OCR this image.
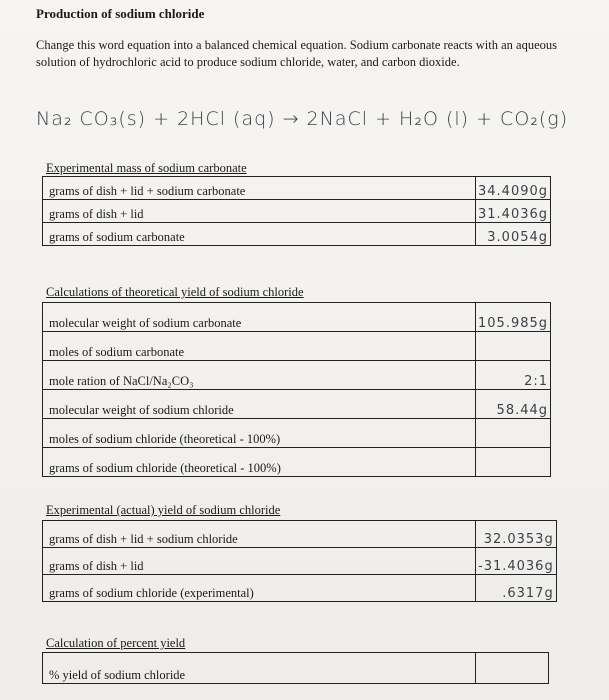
Production of sodium chloride
Change this word equation into a balanced chemical equation. Sodium carbonate reacts with an aqueous solution of hydrochloric acid to produce sodium chloride, water, and carbon dioxide.
Na₂ CO₃(s) + 2HCl (aq) → 2NaCl + H₂O (l) + CO₂(g)
Experimental mass of sodium carbonate
grams of dish + lid + sodium carbonate	34.4090g
grams of dish + lid	31.4036g
grams of sodium carbonate	3.0054g
Calculations of theoretical yield of sodium chloride
molecular weight of sodium carbonate	105.985g
moles of sodium carbonate	
mole ration of NaCl/Na₂CO₃	2:1
molecular weight of sodium chloride	58.44g
moles of sodium chloride (theoretical - 100%)	
grams of sodium chloride (theoretical - 100%)	
Experimental (actual) yield of sodium chloride
grams of dish + lid + sodium chloride	32.0353g
grams of dish + lid	-31.4036g
grams of sodium chloride (experimental)	.6317g
Calculation of percent yield
% yield of sodium chloride	
